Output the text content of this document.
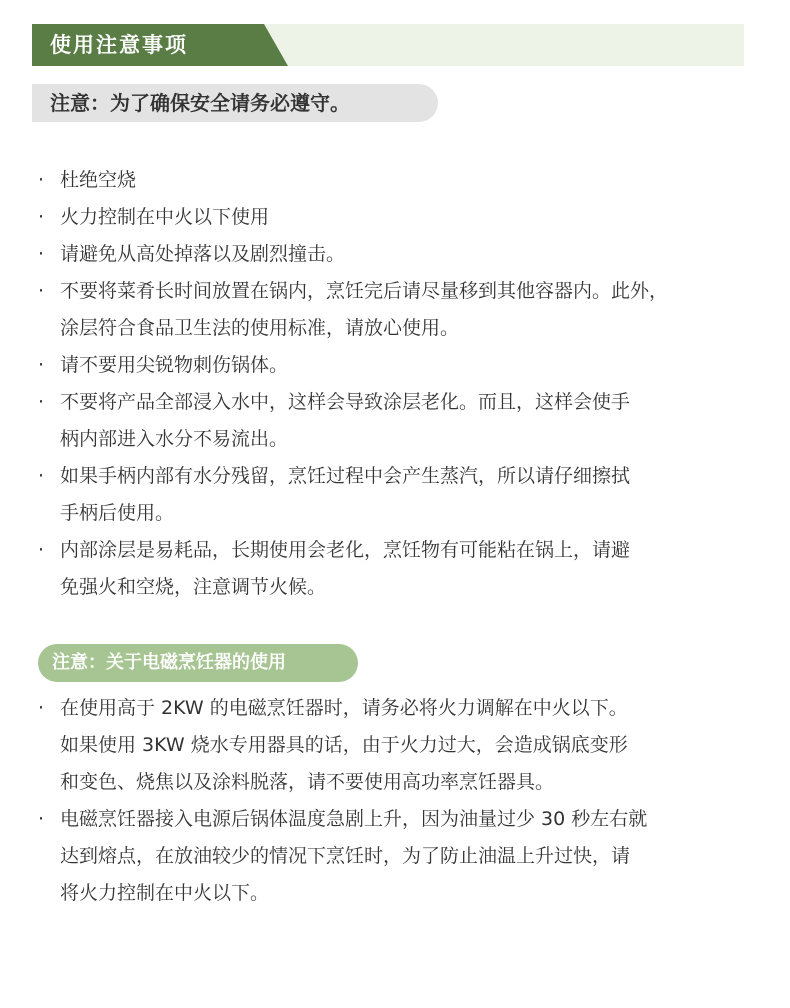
使用注意事项
注意：为了确保安全请务必遵守。
· 杜绝空烧
· 火力控制在中火以下使用
· 请避免从高处掉落以及剧烈撞击。
· 不要将菜肴长时间放置在锅内，烹饪完后请尽量移到其他容器内。此外，
涂层符合食品卫生法的使用标准，请放心使用。
· 请不要用尖锐物刺伤锅体。
· 不要将产品全部浸入水中，这样会导致涂层老化。而且，这样会使手
柄内部进入水分不易流出。
· 如果手柄内部有水分残留，烹饪过程中会产生蒸汽，所以请仔细擦拭
手柄后使用。
· 内部涂层是易耗品，长期使用会老化，烹饪物有可能粘在锅上，请避
免强火和空烧，注意调节火候。
注意：关于电磁烹饪器的使用
· 在使用高于 2KW 的电磁烹饪器时，请务必将火力调解在中火以下。
如果使用 3KW 烧水专用器具的话，由于火力过大，会造成锅底变形
和变色、烧焦以及涂料脱落，请不要使用高功率烹饪器具。
· 电磁烹饪器接入电源后锅体温度急剧上升，因为油量过少 30 秒左右就
达到熔点，在放油较少的情况下烹饪时，为了防止油温上升过快，请
将火力控制在中火以下。
